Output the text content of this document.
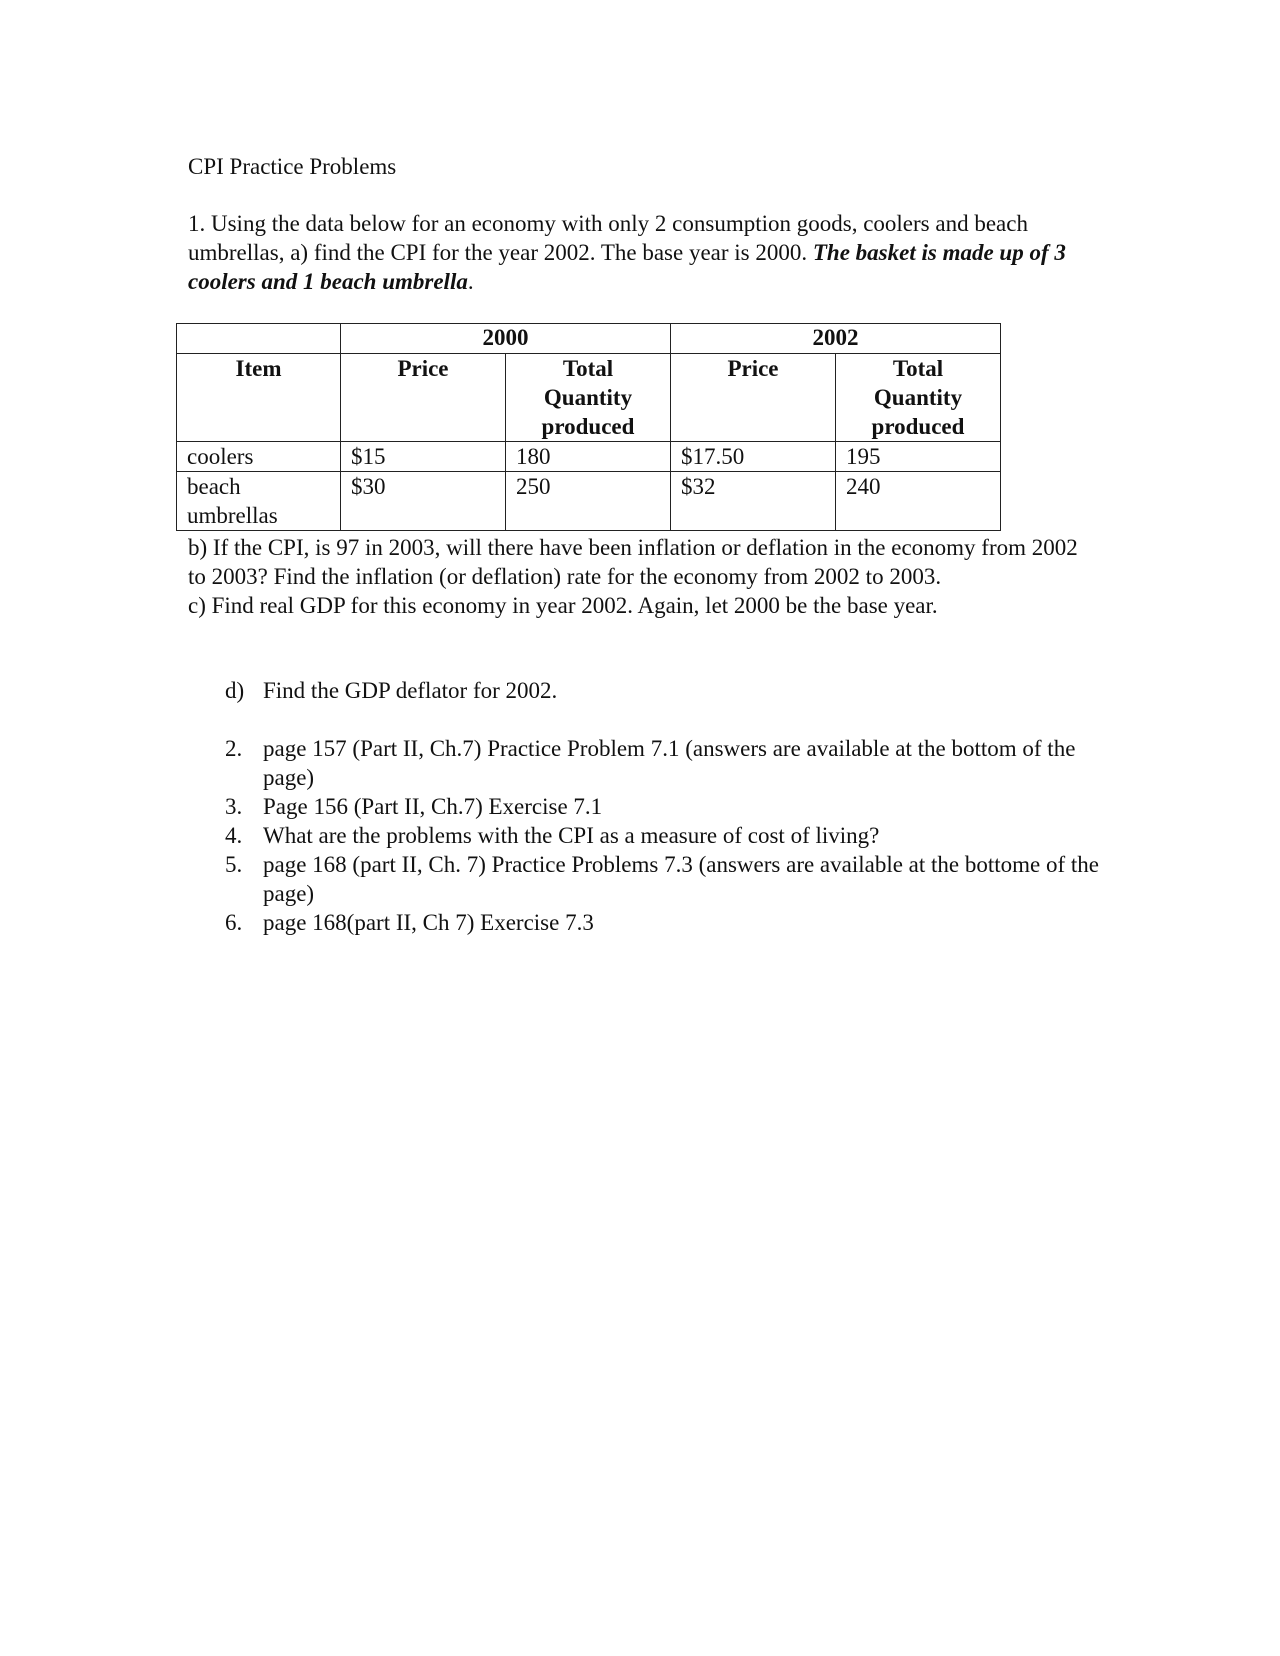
CPI Practice Problems
1. Using the data below for an economy with only 2 consumption goods, coolers and beach umbrellas, a) find the CPI for the year 2002. The base year is 2000. The basket is made up of 3 coolers and 1 beach umbrella.
	2000		2002	
Item	Price	Total Quantity produced	Price	Total Quantity produced
coolers	$15	180	$17.50	195
beach umbrellas	$30	250	$32	240
b) If the CPI, is 97 in 2003, will there have been inflation or deflation in the economy from 2002 to 2003? Find the inflation (or deflation) rate for the economy from 2002 to 2003.
c) Find real GDP for this economy in year 2002. Again, let 2000 be the base year.
d) Find the GDP deflator for 2002.
2. page 157 (Part II, Ch.7) Practice Problem 7.1 (answers are available at the bottom of the page)
3. Page 156 (Part II, Ch.7) Exercise 7.1
4. What are the problems with the CPI as a measure of cost of living?
5. page 168 (part II, Ch. 7) Practice Problems 7.3 (answers are available at the bottome of the page)
6. page 168(part II, Ch 7) Exercise 7.3
